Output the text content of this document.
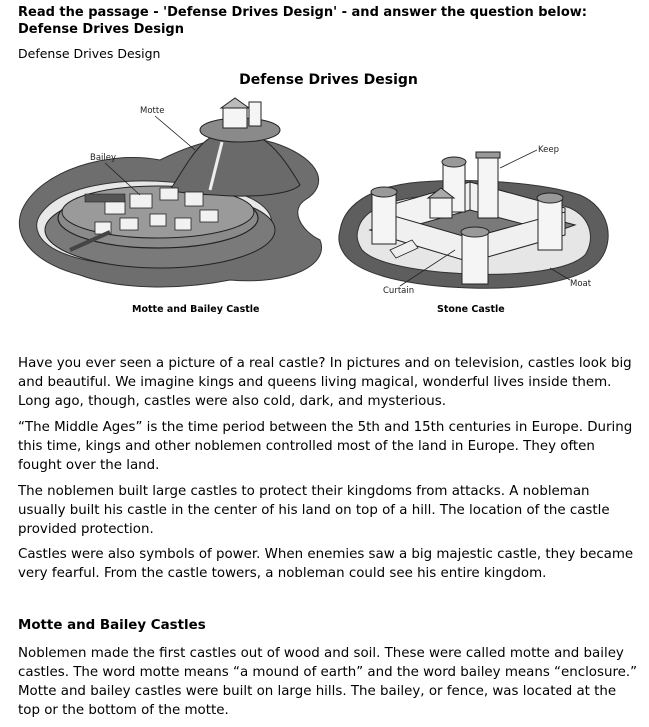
Read the passage - 'Defense Drives Design' - and answer the question below:
Defense Drives Design
Defense Drives Design
Defense Drives Design
Motte
Bailey
Motte and Bailey Castle
Keep
Curtain
Moat
Stone Castle

Have you ever seen a picture of a real castle? In pictures and on television, castles look big and beautiful. We imagine kings and queens living magical, wonderful lives inside them. Long ago, though, castles were also cold, dark, and mysterious.

“The Middle Ages” is the time period between the 5th and 15th centuries in Europe. During this time, kings and other noblemen controlled most of the land in Europe. They often fought over the land.

The noblemen built large castles to protect their kingdoms from attacks. A nobleman usually built his castle in the center of his land on top of a hill. The location of the castle provided protection.

Castles were also symbols of power. When enemies saw a big majestic castle, they became very fearful. From the castle towers, a nobleman could see his entire kingdom.

Motte and Bailey Castles

Noblemen made the first castles out of wood and soil. These were called motte and bailey castles. The word motte means “a mound of earth” and the word bailey means “enclosure.” Motte and bailey castles were built on large hills. The bailey, or fence, was located at the top or the bottom of the motte.
